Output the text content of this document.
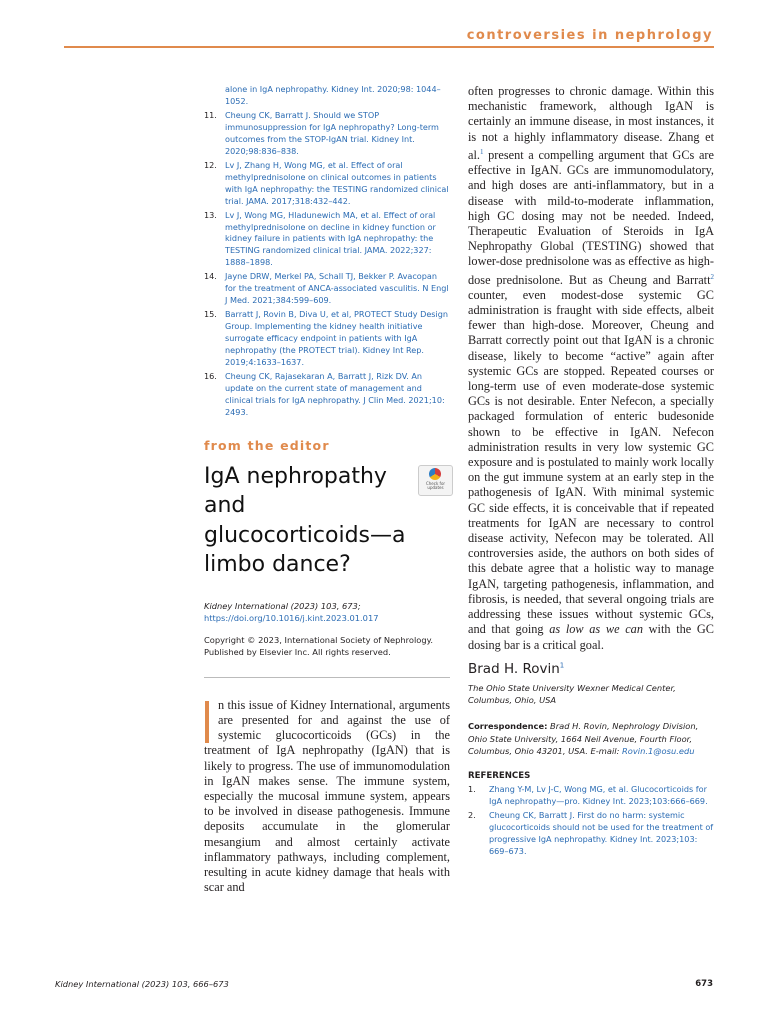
controversies in nephrology
alone in IgA nephropathy. Kidney Int. 2020;98: 1044–1052.
11. Cheung CK, Barratt J. Should we STOP immunosuppression for IgA nephropathy? Long-term outcomes from the STOP-IgAN trial. Kidney Int. 2020;98:836–838.
12. Lv J, Zhang H, Wong MG, et al. Effect of oral methylprednisolone on clinical outcomes in patients with IgA nephropathy: the TESTING randomized clinical trial. JAMA. 2017;318:432–442.
13. Lv J, Wong MG, Hladunewich MA, et al. Effect of oral methylprednisolone on decline in kidney function or kidney failure in patients with IgA nephropathy: the TESTING randomized clinical trial. JAMA. 2022;327: 1888–1898.
14. Jayne DRW, Merkel PA, Schall TJ, Bekker P. Avacopan for the treatment of ANCA-associated vasculitis. N Engl J Med. 2021;384:599–609.
15. Barratt J, Rovin B, Diva U, et al, PROTECT Study Design Group. Implementing the kidney health initiative surrogate efficacy endpoint in patients with IgA nephropathy (the PROTECT trial). Kidney Int Rep. 2019;4:1633–1637.
16. Cheung CK, Rajasekaran A, Barratt J, Rizk DV. An update on the current state of management and clinical trials for IgA nephropathy. J Clin Med. 2021;10: 2493.
from the editor
IgA nephropathy and glucocorticoids—a limbo dance?
Check for updates
Kidney International (2023) 103, 673; https://doi.org/10.1016/j.kint.2023.01.017
Copyright © 2023, International Society of Nephrology. Published by Elsevier Inc. All rights reserved.
n this issue of Kidney International, arguments are presented for and against the use of systemic glucocorticoids (GCs) in the treatment of IgA nephropathy (IgAN) that is likely to progress. The use of immunomodulation in IgAN makes sense. The immune system, especially the mucosal immune system, appears to be involved in disease pathogenesis. Immune deposits accumulate in the glomerular mesangium and almost certainly activate inflammatory pathways, including complement, resulting in acute kidney damage that heals with scar and
often progresses to chronic damage. Within this mechanistic framework, although IgAN is certainly an immune disease, in most instances, it is not a highly inflammatory disease. Zhang et al.$^1$ present a compelling argument that GCs are effective in IgAN. GCs are immunomodulatory, and high doses are anti-inflammatory, but in a disease with mild-to-moderate inflammation, high GC dosing may not be needed. Indeed, Therapeutic Evaluation of Steroids in IgA Nephropathy Global (TESTING) showed that lower-dose prednisolone was as effective as high-dose prednisolone. But as Cheung and Barratt$^2$ counter, even modest-dose systemic GC administration is fraught with side effects, albeit fewer than high-dose. Moreover, Cheung and Barratt correctly point out that IgAN is a chronic disease, likely to become “active” again after systemic GCs are stopped. Repeated courses or long-term use of even moderate-dose systemic GCs is not desirable. Enter Nefecon, a specially packaged formulation of enteric budesonide shown to be effective in IgAN. Nefecon administration results in very low systemic GC exposure and is postulated to mainly work locally on the gut immune system at an early step in the pathogenesis of IgAN. With minimal systemic GC side effects, it is conceivable that if repeated treatments for IgAN are necessary to control disease activity, Nefecon may be tolerated. All controversies aside, the authors on both sides of this debate agree that a holistic way to manage IgAN, targeting pathogenesis, inflammation, and fibrosis, is needed, that several ongoing trials are addressing these issues without systemic GCs, and that going as low as we can with the GC dosing bar is a critical goal.
Brad H. Rovin$^1$
The Ohio State University Wexner Medical Center, Columbus, Ohio, USA
Correspondence: Brad H. Rovin, Nephrology Division, Ohio State University, 1664 Neil Avenue, Fourth Floor, Columbus, Ohio 43201, USA. E-mail: Rovin.1@osu.edu
REFERENCES
1. Zhang Y-M, Lv J-C, Wong MG, et al. Glucocorticoids for IgA nephropathy—pro. Kidney Int. 2023;103:666–669.
2. Cheung CK, Barratt J. First do no harm: systemic glucocorticoids should not be used for the treatment of progressive IgA nephropathy. Kidney Int. 2023;103: 669–673.
Kidney International (2023) 103, 666–673	673
